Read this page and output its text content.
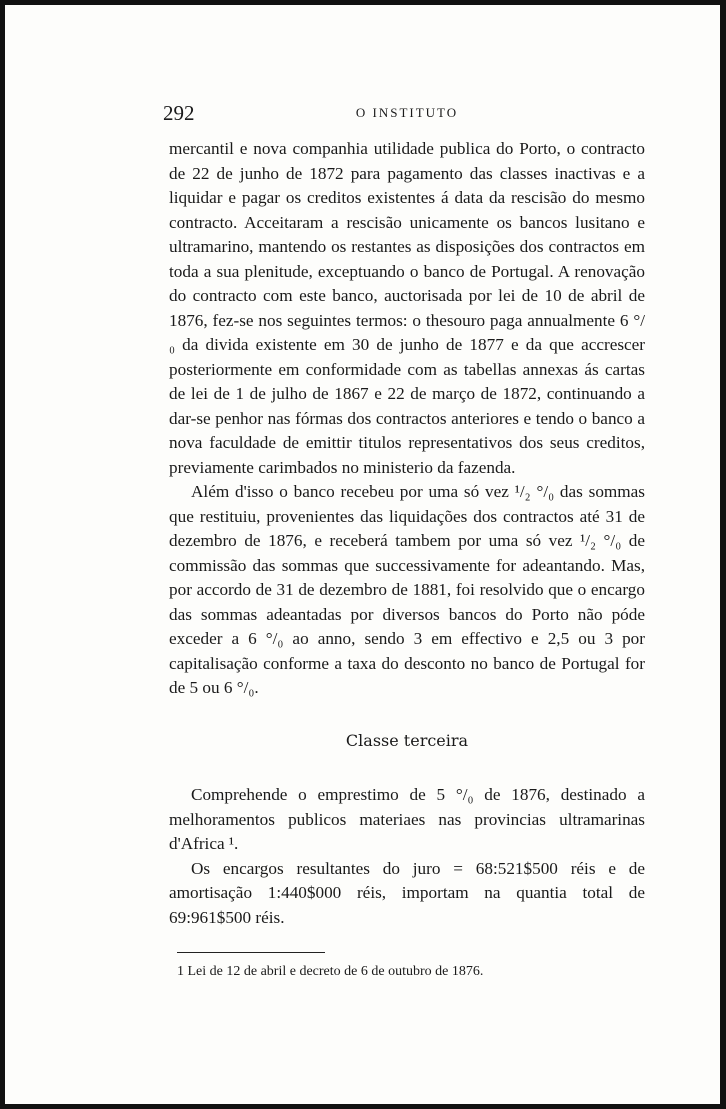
292	O INSTITUTO

mercantil e nova companhia utilidade publica do Porto, o contracto de 22 de junho de 1872 para pagamento das classes inactivas e a liquidar e pagar os creditos existentes á data da rescisão do mesmo contracto. Acceitaram a rescisão unicamente os bancos lusitano e ultramarino, mantendo os restantes as disposições dos contractos em toda a sua plenitude, exceptuando o banco de Portugal. A renovação do contracto com este banco, auctorisada por lei de 10 de abril de 1876, fez-se nos seguintes termos: o thesouro paga annualmente 6 °/₀ da divida existente em 30 de junho de 1877 e da que accrescer posteriormente em conformidade com as tabellas annexas ás cartas de lei de 1 de julho de 1867 e 22 de março de 1872, continuando a dar-se penhor nas fórmas dos contractos anteriores e tendo o banco a nova faculdade de emittir titulos representativos dos seus creditos, previamente carimbados no ministerio da fazenda.

Além d'isso o banco recebeu por uma só vez ¹/₂ °/₀ das sommas que restituiu, provenientes das liquidações dos contractos até 31 de dezembro de 1876, e receberá tambem por uma só vez ¹/₂ °/₀ de commissão das sommas que successivamente for adeantando. Mas, por accordo de 31 de dezembro de 1881, foi resolvido que o encargo das sommas adeantadas por diversos bancos do Porto não póde exceder a 6 °/₀ ao anno, sendo 3 em effectivo e 2,5 ou 3 por capitalisação conforme a taxa do desconto no banco de Portugal for de 5 ou 6 °/₀.

Classe terceira

Comprehende o emprestimo de 5 °/₀ de 1876, destinado a melhoramentos publicos materiaes nas provincias ultramarinas d'Africa ¹.

Os encargos resultantes do juro = 68:521$500 réis e de amortisação 1:440$000 réis, importam na quantia total de 69:961$500 réis.

1 Lei de 12 de abril e decreto de 6 de outubro de 1876.
